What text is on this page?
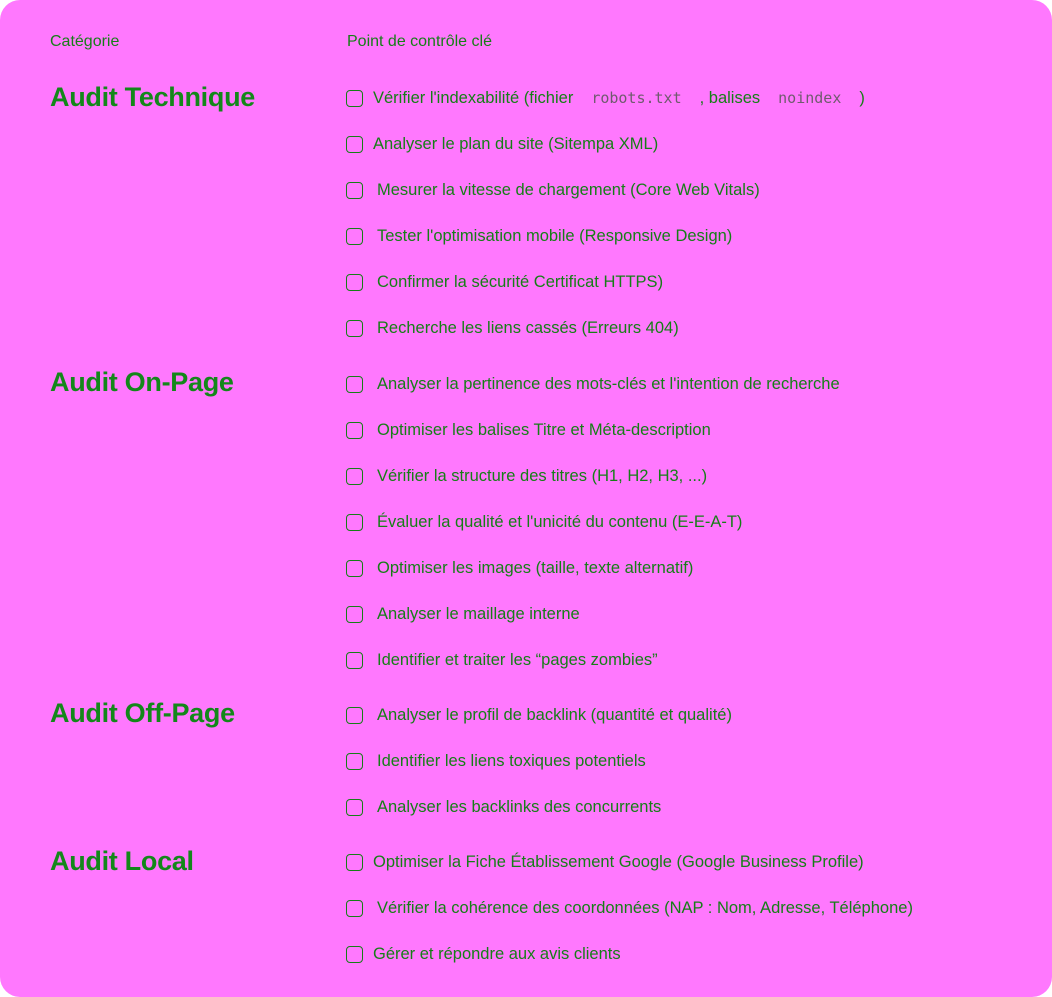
Catégorie	Point de contrôle clé
Audit Technique	Vérifier l'indexabilité (fichier robots.txt , balises noindex )
Analyser le plan du site (Sitempa XML)
Mesurer la vitesse de chargement (Core Web Vitals)
Tester l'optimisation mobile (Responsive Design)
Confirmer la sécurité Certificat HTTPS)
Recherche les liens cassés (Erreurs 404)
Audit On-Page	Analyser la pertinence des mots-clés et l'intention de recherche
Optimiser les balises Titre et Méta-description
Vérifier la structure des titres (H1, H2, H3, ...)
Évaluer la qualité et l'unicité du contenu (E-E-A-T)
Optimiser les images (taille, texte alternatif)
Analyser le maillage interne
Identifier et traiter les “pages zombies”
Audit Off-Page	Analyser le profil de backlink (quantité et qualité)
Identifier les liens toxiques potentiels
Analyser les backlinks des concurrents
Audit Local	Optimiser la Fiche Établissement Google (Google Business Profile)
Vérifier la cohérence des coordonnées (NAP : Nom, Adresse, Téléphone)
Gérer et répondre aux avis clients
